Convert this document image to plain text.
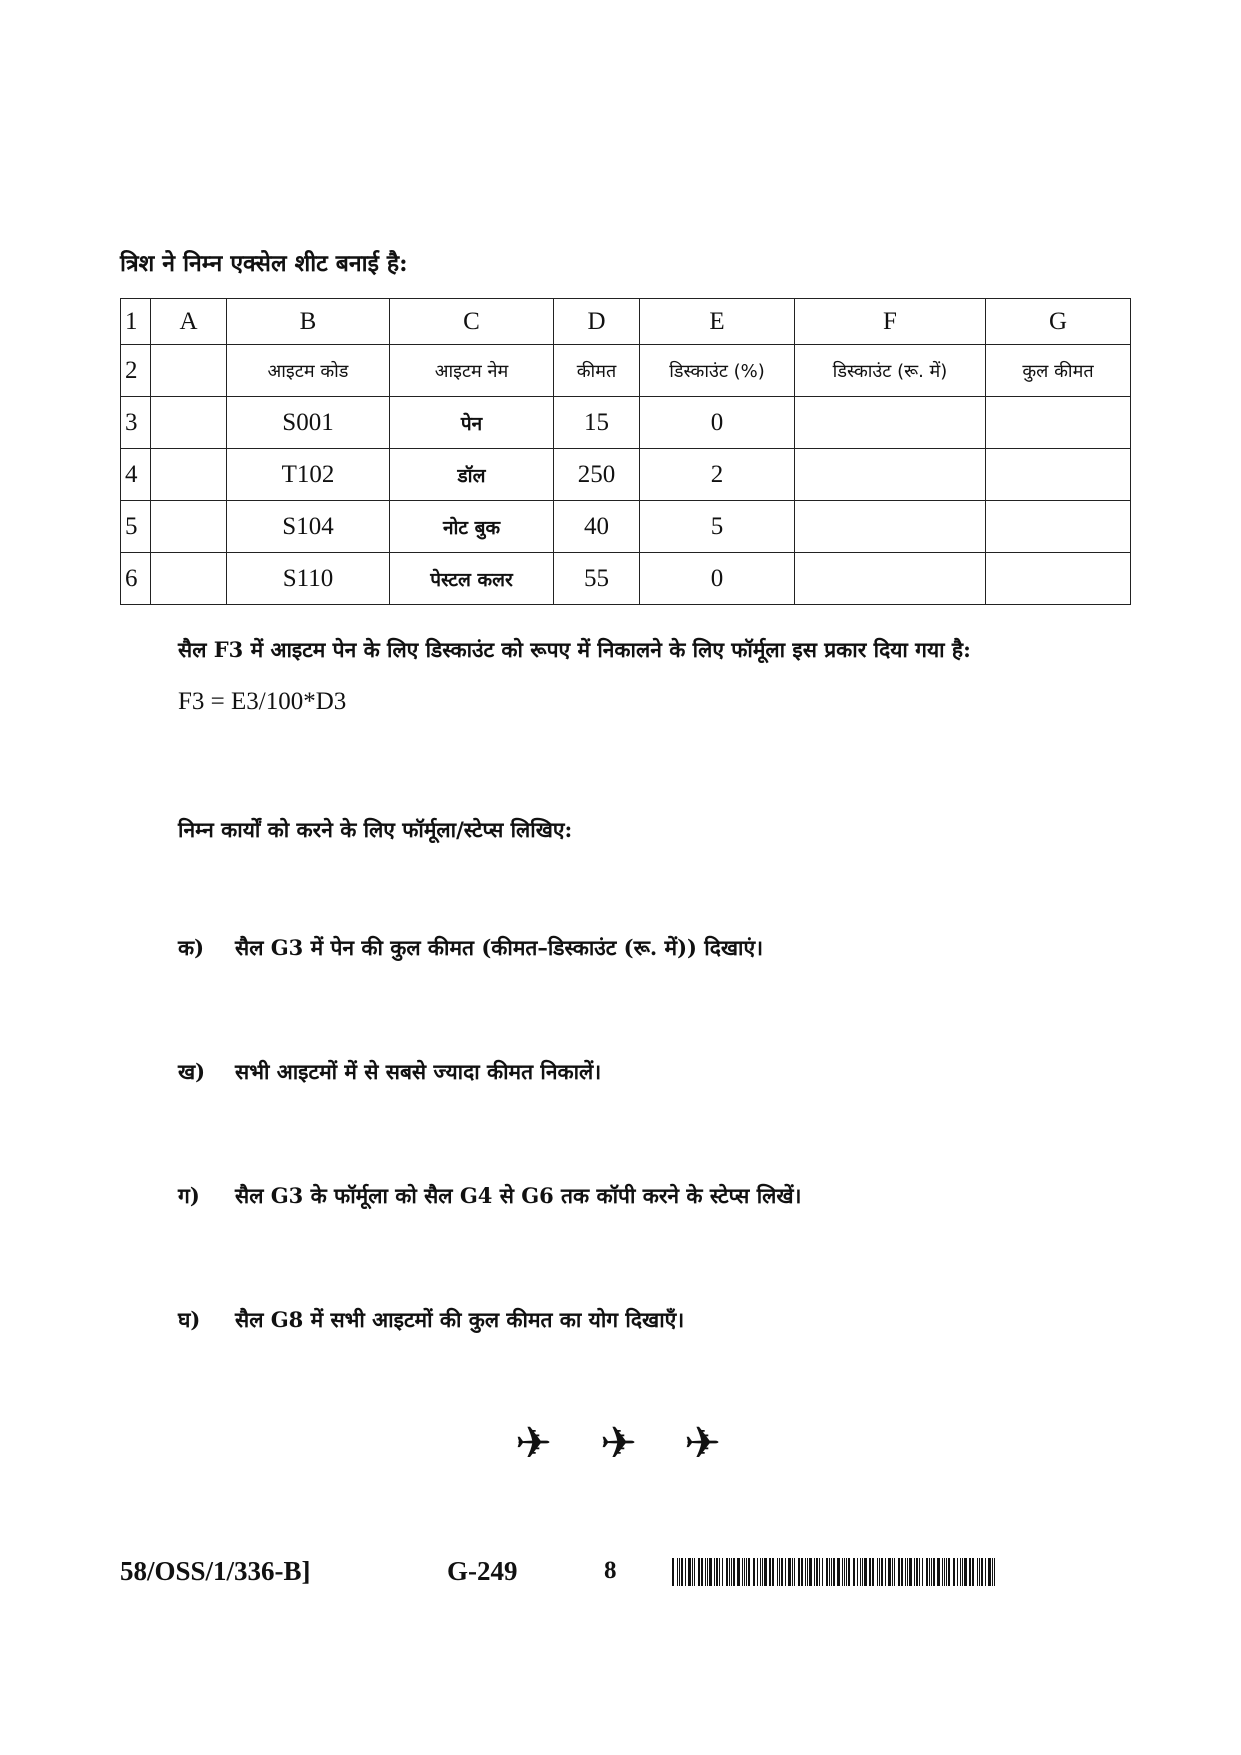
त्रिश ने निम्न एक्सेल शीट बनाई है:
1	A	B	C	D	E	F	G
2		आइटम कोड	आइटम नेम	कीमत	डिस्काउंट (%)	डिस्काउंट (रू. में)	कुल कीमत
3		S001	पेन	15	0		
4		T102	डॉल	250	2		
5		S104	नोट बुक	40	5		
6		S110	पेस्टल कलर	55	0		
सैल F3 में आइटम पेन के लिए डिस्काउंट को रूपए में निकालने के लिए फॉर्मूला इस प्रकार दिया गया है:
F3 = E3/100*D3
निम्न कार्यों को करने के लिए फॉर्मूला/स्टेप्स लिखिए:
क) सैल G3 में पेन की कुल कीमत (कीमत–डिस्काउंट (रू. में)) दिखाएं।
ख) सभी आइटमों में से सबसे ज्यादा कीमत निकालें।
ग) सैल G3 के फॉर्मूला को सैल G4 से G6 तक कॉपी करने के स्टेप्स लिखें।
घ) सैल G8 में सभी आइटमों की कुल कीमत का योग दिखाएँ।
✈ ✈ ✈
58/OSS/1/336-B]	G-249	8
